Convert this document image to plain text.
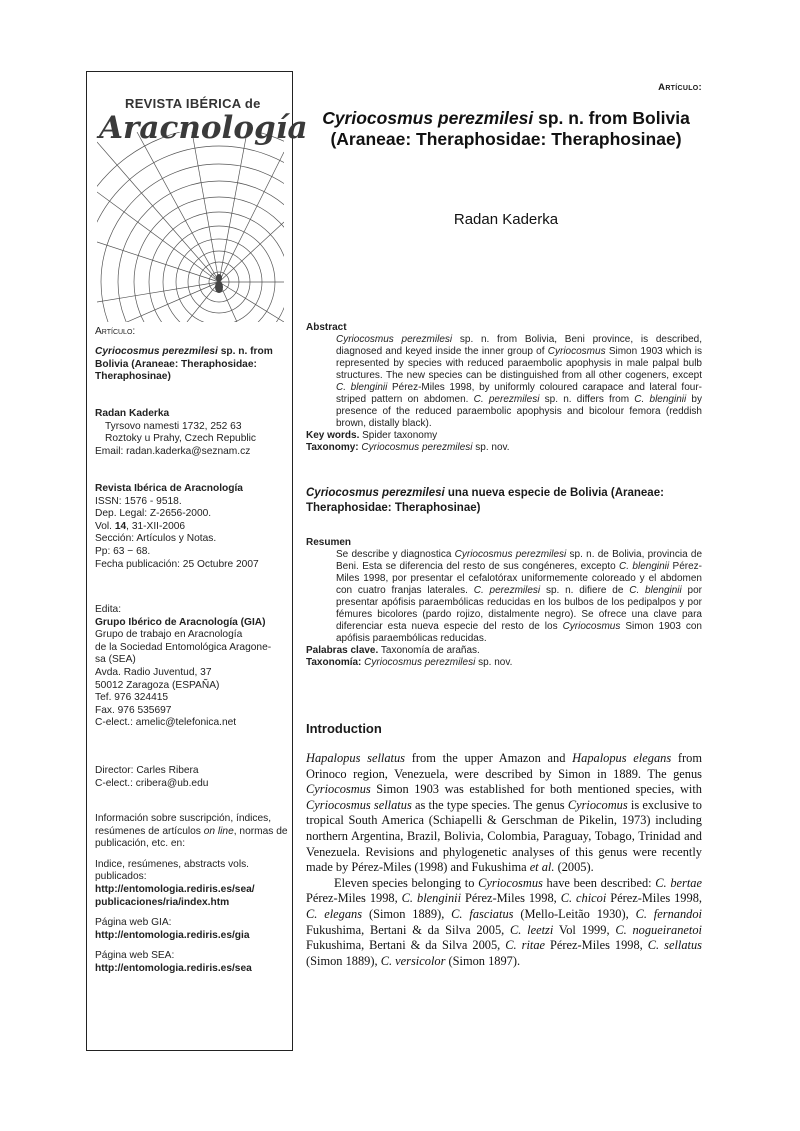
REVISTA IBÉRICA de
Aracnología
Artículo:
Cyriocosmus perezmilesi sp. n. from Bolivia (Araneae: Theraphosidae: Theraphosinae)
Radan Kaderka
Tyrsovo namesti 1732, 252 63
Roztoky u Prahy, Czech Republic
Email: radan.kaderka@seznam.cz
Revista Ibérica de Aracnología
ISSN: 1576 - 9518.
Dep. Legal: Z-2656-2000.
Vol. 14, 31-XII-2006
Sección: Artículos y Notas.
Pp: 63 − 68.
Fecha publicación: 25 Octubre 2007
Edita:
Grupo Ibérico de Aracnología (GIA)
Grupo de trabajo en Aracnología
de la Sociedad Entomológica Aragone-
sa (SEA)
Avda. Radio Juventud, 37
50012 Zaragoza (ESPAÑA)
Tef. 976 324415
Fax. 976 535697
C-elect.: amelic@telefonica.net
Director: Carles Ribera
C-elect.: cribera@ub.edu
Información sobre suscripción, índices, resúmenes de artículos on line, normas de publicación, etc. en:
Indice, resúmenes, abstracts vols. publicados:
http://entomologia.rediris.es/sea/ publicaciones/ria/index.htm
Página web GIA:
http://entomologia.rediris.es/gia
Página web SEA:
http://entomologia.rediris.es/sea
Artículo:
Cyriocosmus perezmilesi sp. n. from Bolivia
(Araneae: Theraphosidae: Theraphosinae)
Radan Kaderka
Abstract
Cyriocosmus perezmilesi sp. n. from Bolivia, Beni province, is described, diagnosed and keyed inside the inner group of Cyriocosmus Simon 1903 which is represented by species with reduced paraembolic apophysis in male palpal bulb structures. The new species can be distinguished from all other cogeners, except C. blenginii Pérez-Miles 1998, by uniformly coloured carapace and lateral four-striped pattern on abdomen. C. perezmilesi sp. n. differs from C. blenginii by presence of the reduced paraembolic apophysis and bicolour femora (reddish brown, distally black).
Key words. Spider taxonomy
Taxonomy: Cyriocosmus perezmilesi sp. nov.
Cyriocosmus perezmilesi una nueva especie de Bolivia (Araneae: Theraphosidae: Theraphosinae)
Resumen
Se describe y diagnostica Cyriocosmus perezmilesi sp. n. de Bolivia, provincia de Beni. Esta se diferencia del resto de sus congéneres, excepto C. blenginii Pérez-Miles 1998, por presentar el cefalotórax uniformemente coloreado y el abdomen con cuatro franjas laterales. C. perezmilesi sp. n. difiere de C. blenginii por presentar apófisis paraembólicas reducidas en los bulbos de los pedipalpos y por fémures bicolores (pardo rojizo, distalmente negro). Se ofrece una clave para diferenciar esta nueva especie del resto de los Cyriocosmus Simon 1903 con apófisis paraembólicas reducidas.
Palabras clave. Taxonomía de arañas.
Taxonomía: Cyriocosmus perezmilesi sp. nov.
Introduction

Hapalopus sellatus from the upper Amazon and Hapalopus elegans from Orinoco region, Venezuela, were described by Simon in 1889. The genus Cyriocosmus Simon 1903 was established for both mentioned species, with Cyriocosmus sellatus as the type species. The genus Cyriocomus is exclusive to tropical South America (Schiapelli & Gerschman de Pikelin, 1973) including northern Argentina, Brazil, Bolivia, Colombia, Paraguay, Tobago, Trinidad and Venezuela. Revisions and phylogenetic analyses of this genus were recently made by Pérez-Miles (1998) and Fukushima et al. (2005).

Eleven species belonging to Cyriocosmus have been described: C. bertae Pérez-Miles 1998, C. blenginii Pérez-Miles 1998, C. chicoi Pérez-Miles 1998, C. elegans (Simon 1889), C. fasciatus (Mello-Leitão 1930), C. fernandoi Fukushima, Bertani & da Silva 2005, C. leetzi Vol 1999, C. nogueiranetoi Fukushima, Bertani & da Silva 2005, C. ritae Pérez-Miles 1998, C. sellatus (Simon 1889), C. versicolor (Simon 1897).
